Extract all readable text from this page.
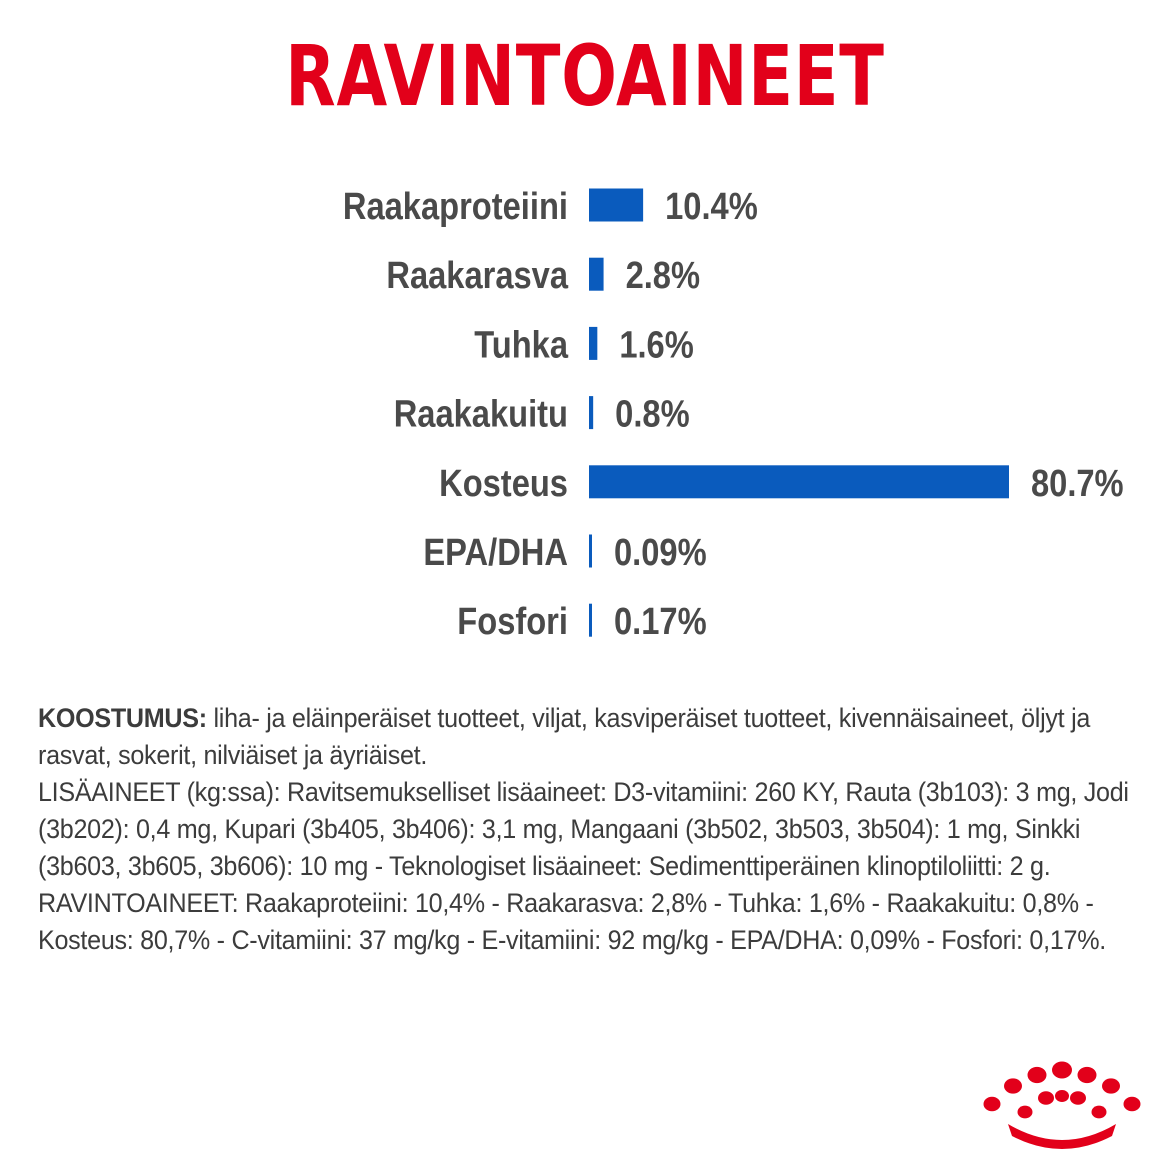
RAVINTOAINEET
Raakaproteiini	10.4%
Raakarasva 2.8%
Tuhka 1.6%
Raakakuitu 0.8%
Kosteus	80.7%
EPA/DHA 0.09%
Fosfori 0.17%

KOOSTUMUS: liha- ja eläinperäiset tuotteet, viljat, kasviperäiset tuotteet, kivennäisaineet, öljyt ja rasvat, sokerit, nilviäiset ja äyriäiset.

LISÄAINEET (kg:ssa): Ravitsemukselliset lisäaineet: D3-vitamiini: 260 KY, Rauta (3b103): 3 mg, Jodi (3b202): 0,4 mg, Kupari (3b405, 3b406): 3,1 mg, Mangaani (3b502, 3b503, 3b504): 1 mg, Sinkki (3b603, 3b605, 3b606): 10 mg - Teknologiset lisäaineet: Sedimenttiperäinen klinoptiloliitti: 2 g.

RAVINTOAINEET: Raakaproteiini: 10,4% - Raakarasva: 2,8% - Tuhka: 1,6% - Raakakuitu: 0,8% - Kosteus: 80,7% - C-vitamiini: 37 mg/kg - E-vitamiini: 92 mg/kg - EPA/DHA: 0,09% - Fosfori: 0,17%.
